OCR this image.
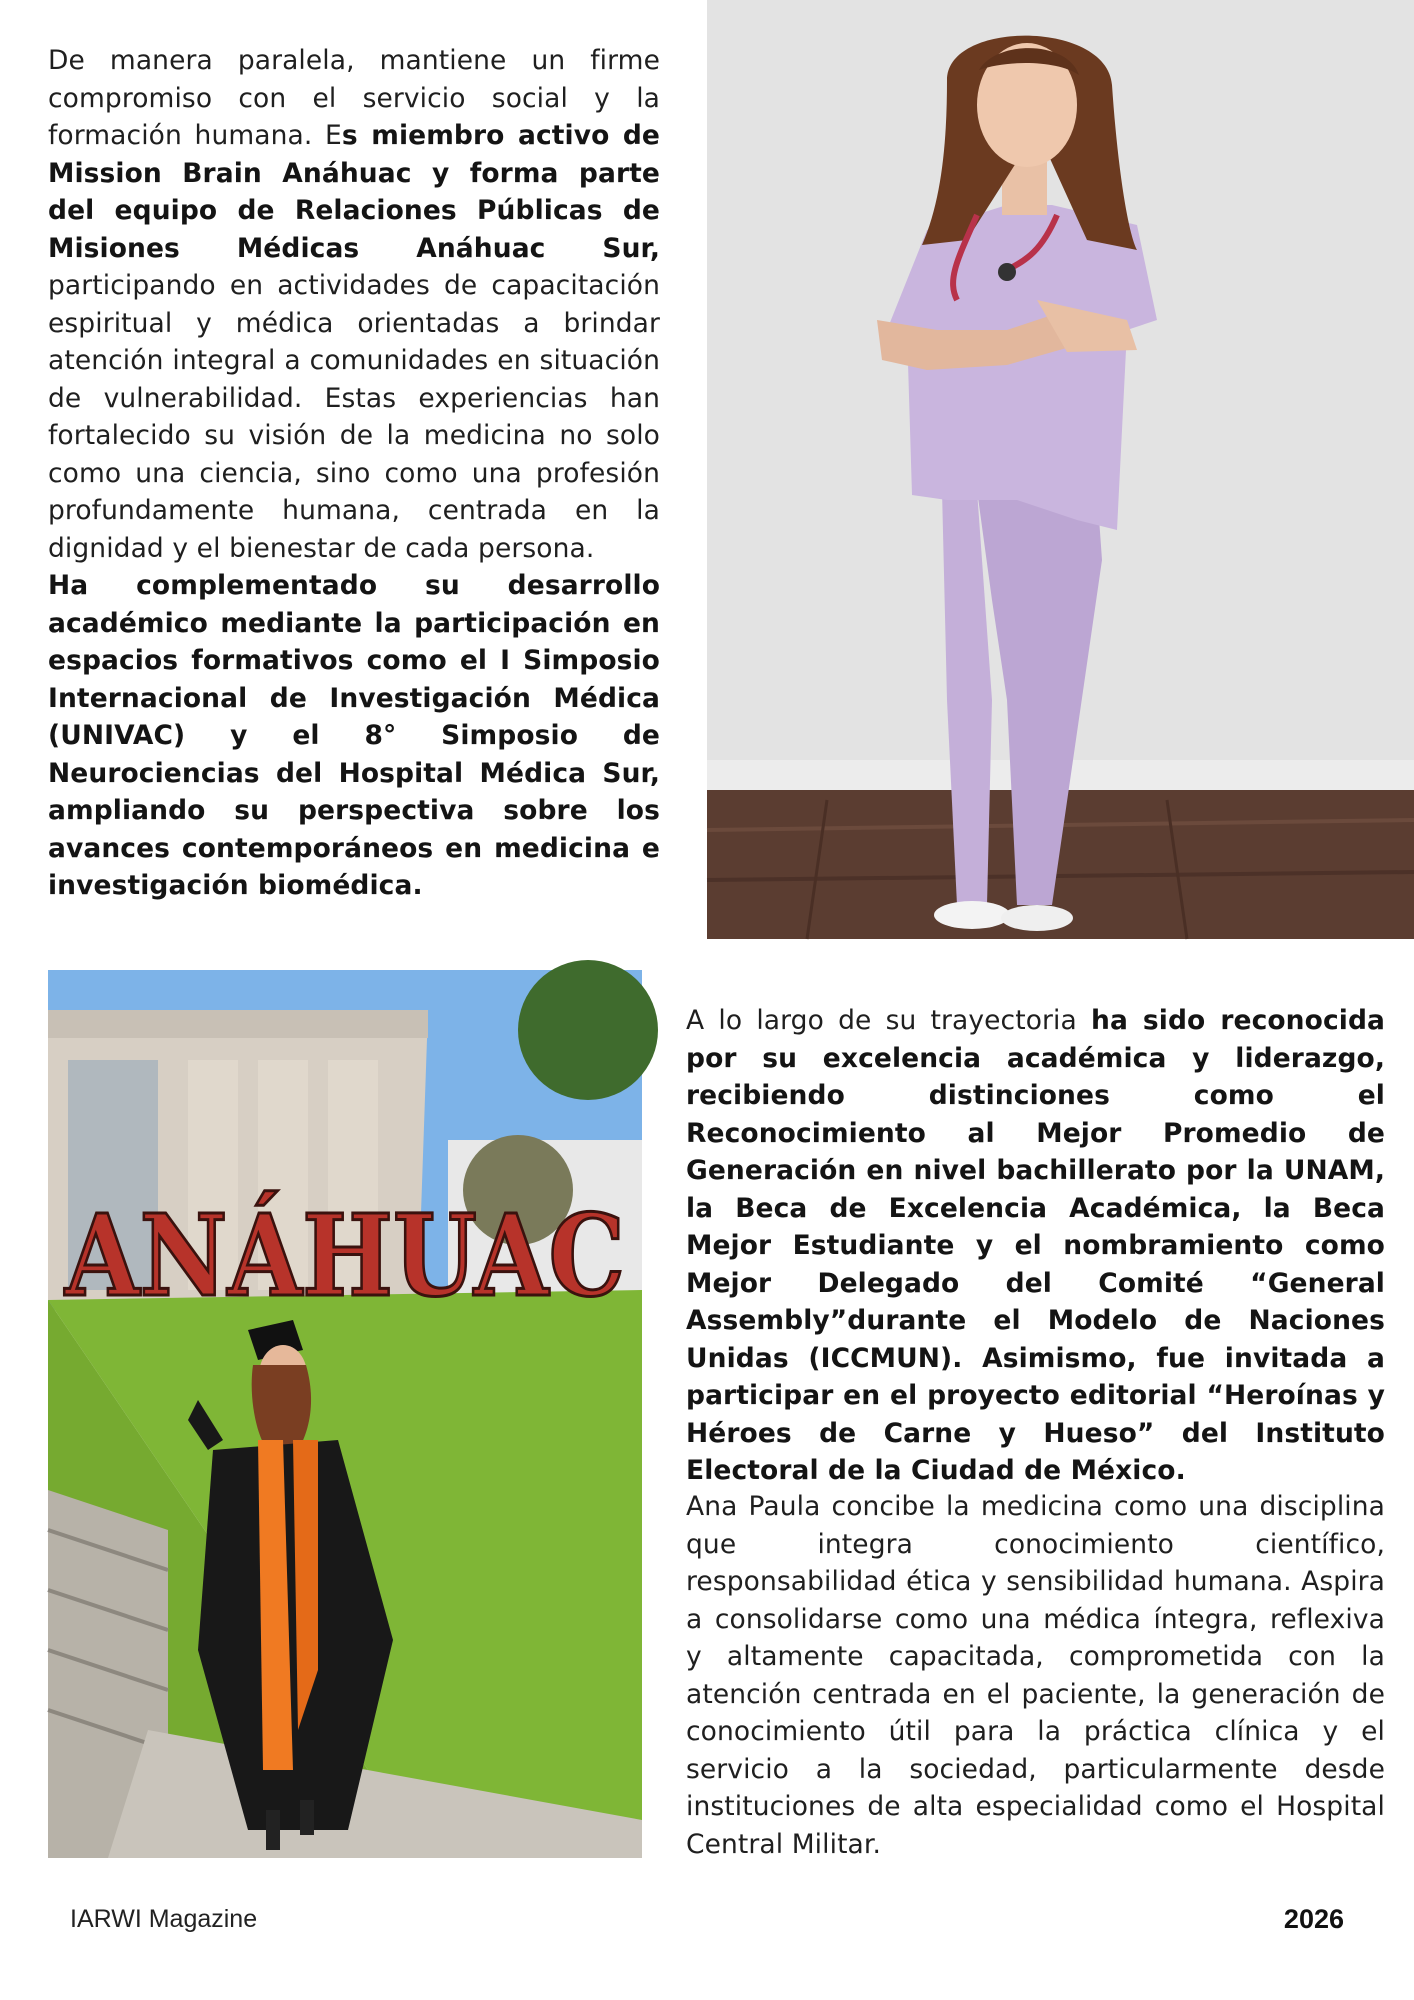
De manera paralela, mantiene un firme compromiso con el servicio social y la formación humana. Es miembro activo de Mission Brain Anáhuac y forma parte del equipo de Relaciones Públicas de Misiones Médicas Anáhuac Sur, participando en actividades de capacitación espiritual y médica orientadas a brindar atención integral a comunidades en situación de vulnerabilidad. Estas experiencias han fortalecido su visión de la medicina no solo como una ciencia, sino como una profesión profundamente humana, centrada en la dignidad y el bienestar de cada persona.
Ha complementado su desarrollo académico mediante la participación en espacios formativos como el I Simposio Internacional de Investigación Médica (UNIVAC) y el 8° Simposio de Neurociencias del Hospital Médica Sur, ampliando su perspectiva sobre los avances contemporáneos en medicina e investigación biomédica.

ANÁHUAC

A lo largo de su trayectoria ha sido reconocida por su excelencia académica y liderazgo, recibiendo distinciones como el Reconocimiento al Mejor Promedio de Generación en nivel bachillerato por la UNAM, la Beca de Excelencia Académica, la Beca Mejor Estudiante y el nombramiento como Mejor Delegado del Comité “General Assembly”durante el Modelo de Naciones Unidas (ICCMUN). Asimismo, fue invitada a participar en el proyecto editorial “Heroínas y Héroes de Carne y Hueso” del Instituto Electoral de la Ciudad de México.

Ana Paula concibe la medicina como una disciplina que integra conocimiento científico, responsabilidad ética y sensibilidad humana. Aspira a consolidarse como una médica íntegra, reflexiva y altamente capacitada, comprometida con la atención centrada en el paciente, la generación de conocimiento útil para la práctica clínica y el servicio a la sociedad, particularmente desde instituciones de alta especialidad como el Hospital Central Militar.

IARWI Magazine	2026
